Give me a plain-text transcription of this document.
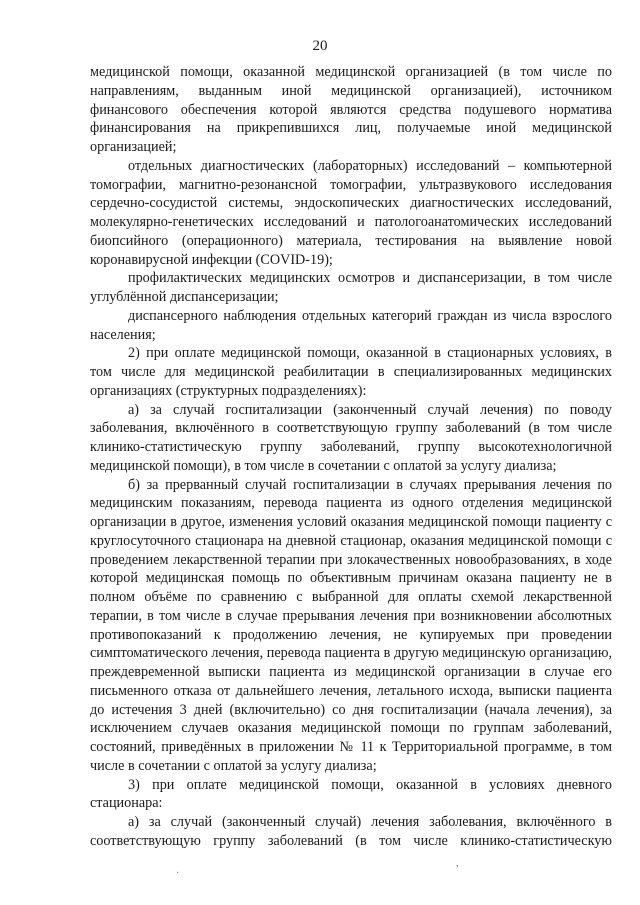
20

медицинской помощи, оказанной медицинской организацией (в том числе по направлениям, выданным иной медицинской организацией), источником финансового обеспечения которой являются средства подушевого норматива финансирования на прикрепившихся лиц, получаемые иной медицинской организацией;

отдельных диагностических (лабораторных) исследований – компьютерной томографии, магнитно-резонансной томографии, ультразвукового исследования сердечно-сосудистой системы, эндоскопических диагностических исследований, молекулярно-генетических исследований и патологоанатомических исследований биопсийного (операционного) материала, тестирования на выявление новой коронавирусной инфекции (COVID-19);

профилактических медицинских осмотров и диспансеризации, в том числе углублённой диспансеризации;

диспансерного наблюдения отдельных категорий граждан из числа взрослого населения;

2) при оплате медицинской помощи, оказанной в стационарных условиях, в том числе для медицинской реабилитации в специализированных медицинских организациях (структурных подразделениях):

а) за случай госпитализации (законченный случай лечения) по поводу заболевания, включённого в соответствующую группу заболеваний (в том числе клинико-статистическую группу заболеваний, группу высокотехнологичной медицинской помощи), в том числе в сочетании с оплатой за услугу диализа;

б) за прерванный случай госпитализации в случаях прерывания лечения по медицинским показаниям, перевода пациента из одного отделения медицинской организации в другое, изменения условий оказания медицинской помощи пациенту с круглосуточного стационара на дневной стационар, оказания медицинской помощи с проведением лекарственной терапии при злокачественных новообразованиях, в ходе которой медицинская помощь по объективным причинам оказана пациенту не в полном объёме по сравнению с выбранной для оплаты схемой лекарственной терапии, в том числе в случае прерывания лечения при возникновении абсолютных противопоказаний к продолжению лечения, не купируемых при проведении симптоматического лечения, перевода пациента в другую медицинскую организацию, преждевременной выписки пациента из медицинской организации в случае его письменного отказа от дальнейшего лечения, летального исхода, выписки пациента до истечения 3 дней (включительно) со дня госпитализации (начала лечения), за исключением случаев оказания медицинской помощи по группам заболеваний, состояний, приведённых в приложении № 11 к Территориальной программе, в том числе в сочетании с оплатой за услугу диализа;

3) при оплате медицинской помощи, оказанной в условиях дневного стационара:

а) за случай (законченный случай) лечения заболевания, включённого в соответствующую группу заболеваний (в том числе клинико-статистическую

,
·
